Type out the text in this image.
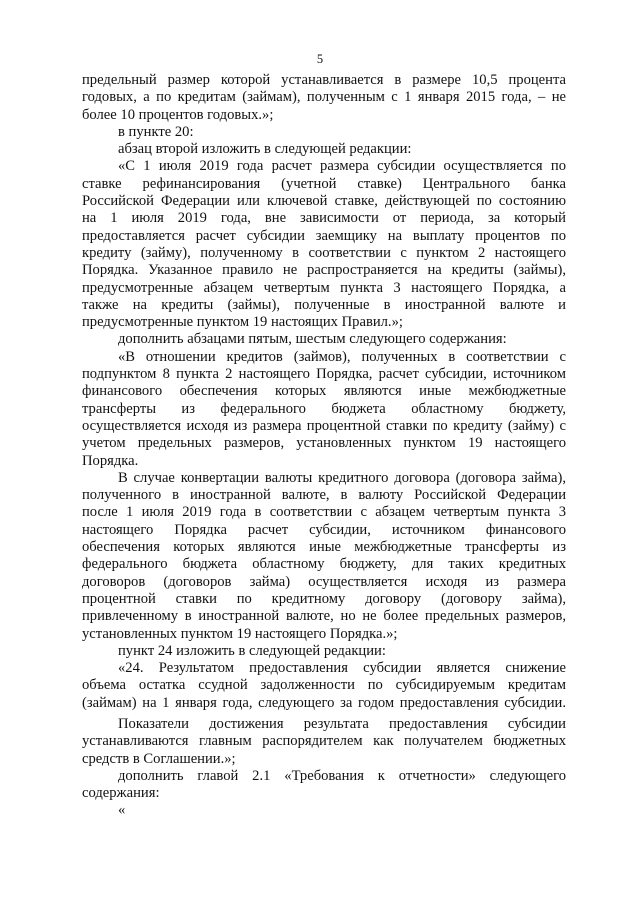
5
предельный размер которой устанавливается в размере 10,5 процента
годовых, а по кредитам (займам), полученным с 1 января 2015 года, – не
более 10 процентов годовых.»;
в пункте 20:
абзац второй изложить в следующей редакции:
«С 1 июля 2019 года расчет размера субсидии осуществляется по
ставке рефинансирования (учетной ставке) Центрального банка
Российской Федерации или ключевой ставке, действующей по состоянию
на 1 июля 2019 года, вне зависимости от периода, за который
предоставляется расчет субсидии заемщику на выплату процентов по
кредиту (займу), полученному в соответствии с пунктом 2 настоящего
Порядка. Указанное правило не распространяется на кредиты (займы),
предусмотренные абзацем четвертым пункта 3 настоящего Порядка, а
также на кредиты (займы), полученные в иностранной валюте и
предусмотренные пунктом 19 настоящих Правил.»;
дополнить абзацами пятым, шестым следующего содержания:
«В отношении кредитов (займов), полученных в соответствии с
подпунктом 8 пункта 2 настоящего Порядка, расчет субсидии, источником
финансового обеспечения которых являются иные межбюджетные
трансферты из федерального бюджета областному бюджету,
осуществляется исходя из размера процентной ставки по кредиту (займу) с
учетом предельных размеров, установленных пунктом 19 настоящего
Порядка.
В случае конвертации валюты кредитного договора (договора займа),
полученного в иностранной валюте, в валюту Российской Федерации
после 1 июля 2019 года в соответствии с абзацем четвертым пункта 3
настоящего Порядка расчет субсидии, источником финансового
обеспечения которых являются иные межбюджетные трансферты из
федерального бюджета областному бюджету, для таких кредитных
договоров (договоров займа) осуществляется исходя из размера
процентной ставки по кредитному договору (договору займа),
привлеченному в иностранной валюте, но не более предельных размеров,
установленных пунктом 19 настоящего Порядка.»;
пункт 24 изложить в следующей редакции:
«24. Результатом предоставления субсидии является снижение
объема остатка ссудной задолженности по субсидируемым кредитам
(займам) на 1 января года, следующего за годом предоставления субсидии.
Показатели достижения результата предоставления субсидии
устанавливаются главным распорядителем как получателем бюджетных
средств в Соглашении.»;
дополнить главой 2.1 «Требования к отчетности» следующего
содержания:
«
